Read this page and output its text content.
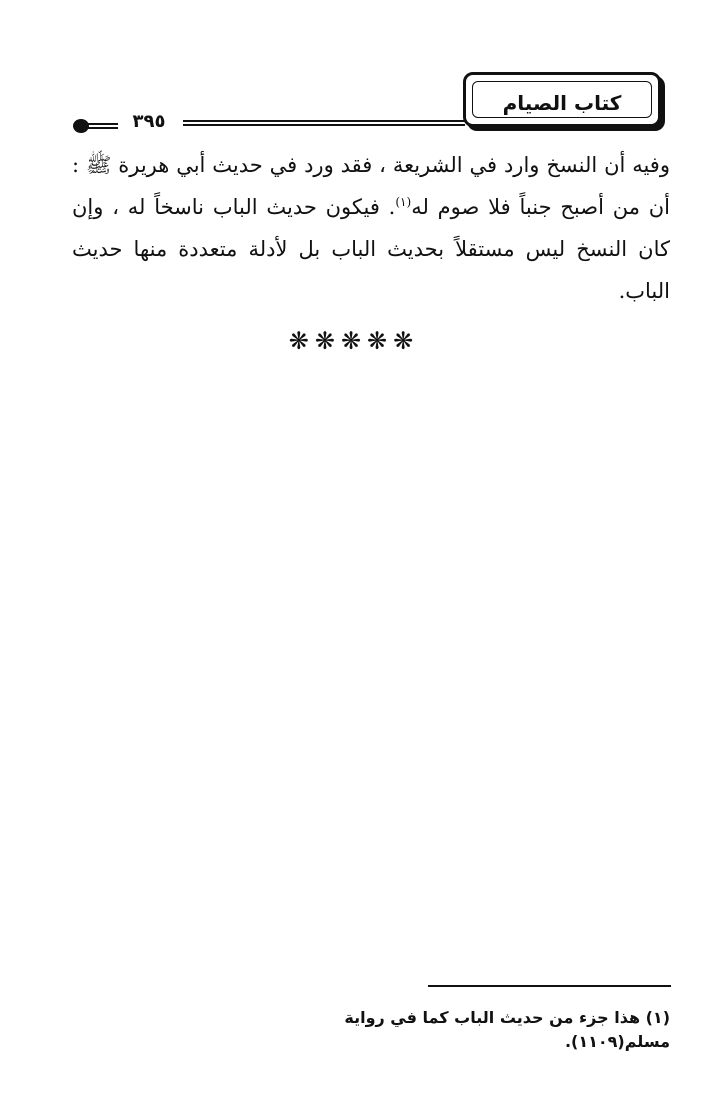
كتاب الصيام
٣٩٥

وفيه أن النسخ وارد في الشريعة ، فقد ورد في حديث أبي هريرة ﷺ : أن من أصبح جنباً فلا صوم له$^{(١)}$. فيكون حديث الباب ناسخاً له ، وإن كان النسخ ليس مستقلاً بحديث الباب بل لأدلة متعددة منها حديث الباب.

❋❋❋❋❋

(١) هذا جزء من حديث الباب كما في رواية مسلم(١١٠٩).
